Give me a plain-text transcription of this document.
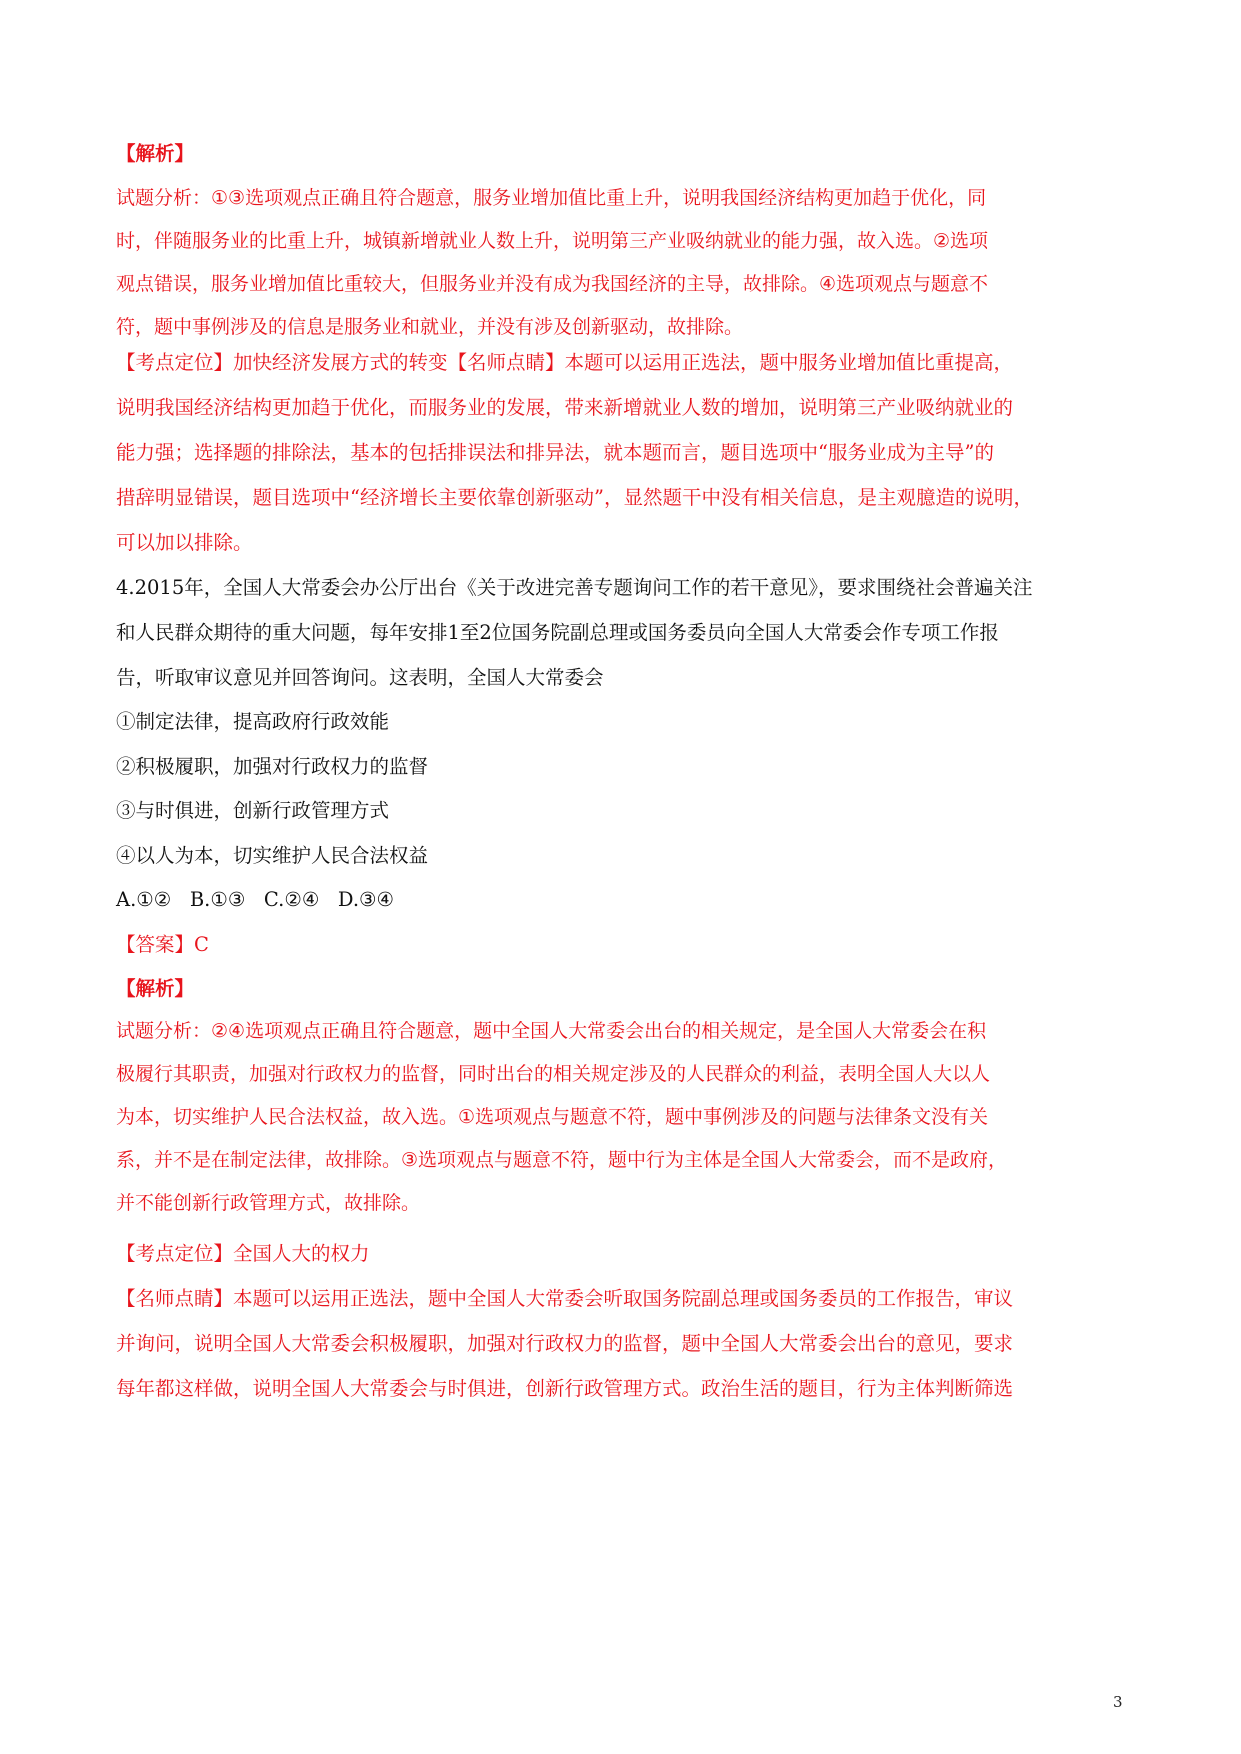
【解析】

试题分析：①③选项观点正确且符合题意，服务业增加值比重上升，说明我国经济结构更加趋于优化，同

时，伴随服务业的比重上升，城镇新增就业人数上升，说明第三产业吸纳就业的能力强，故入选。②选项

观点错误，服务业增加值比重较大，但服务业并没有成为我国经济的主导，故排除。④选项观点与题意不

符，题中事例涉及的信息是服务业和就业，并没有涉及创新驱动，故排除。

【考点定位】加快经济发展方式的转变【名师点睛】本题可以运用正选法，题中服务业增加值比重提高，

说明我国经济结构更加趋于优化，而服务业的发展，带来新增就业人数的增加，说明第三产业吸纳就业的

能力强；选择题的排除法，基本的包括排误法和排异法，就本题而言，题目选项中“服务业成为主导”的

措辞明显错误，题目选项中“经济增长主要依靠创新驱动”，显然题干中没有相关信息，是主观臆造的说明，

可以加以排除。

4.2015年，全国人大常委会办公厅出台《关于改进完善专题询问工作的若干意见》，要求围绕社会普遍关注

和人民群众期待的重大问题，每年安排1至2位国务院副总理或国务委员向全国人大常委会作专项工作报

告，听取审议意见并回答询问。这表明，全国人大常委会

①制定法律，提高政府行政效能

②积极履职，加强对行政权力的监督

③与时俱进，创新行政管理方式

④以人为本，切实维护人民合法权益

A.①②   B.①③   C.②④   D.③④

【答案】C

【解析】

试题分析：②④选项观点正确且符合题意，题中全国人大常委会出台的相关规定，是全国人大常委会在积

极履行其职责，加强对行政权力的监督，同时出台的相关规定涉及的人民群众的利益，表明全国人大以人

为本，切实维护人民合法权益，故入选。①选项观点与题意不符，题中事例涉及的问题与法律条文没有关

系，并不是在制定法律，故排除。③选项观点与题意不符，题中行为主体是全国人大常委会，而不是政府，

并不能创新行政管理方式，故排除。

【考点定位】全国人大的权力

【名师点睛】本题可以运用正选法，题中全国人大常委会听取国务院副总理或国务委员的工作报告，审议

并询问，说明全国人大常委会积极履职，加强对行政权力的监督，题中全国人大常委会出台的意见，要求

每年都这样做，说明全国人大常委会与时俱进，创新行政管理方式。政治生活的题目，行为主体判断筛选

3
